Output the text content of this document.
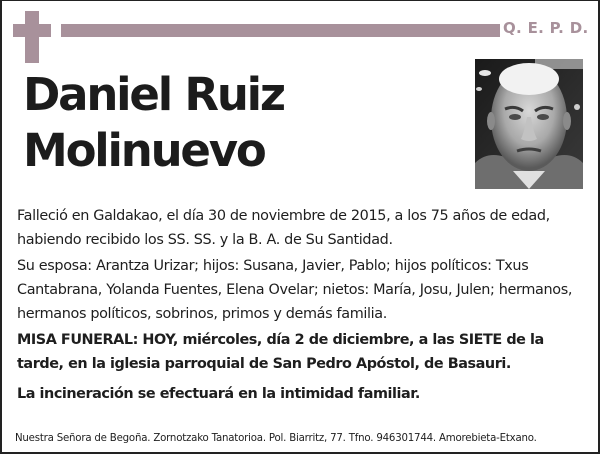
Q. E. P. D.
Daniel Ruiz
Molinuevo

Falleció en Galdakao, el día 30 de noviembre de 2015, a los 75 años de edad, habiendo recibido los SS. SS. y la B. A. de Su Santidad.

Su esposa: Arantza Urizar; hijos: Susana, Javier, Pablo; hijos políticos: Txus Cantabrana, Yolanda Fuentes, Elena Ovelar; nietos: María, Josu, Julen; hermanos, hermanos políticos, sobrinos, primos y demás familia.

MISA FUNERAL: HOY, miércoles, día 2 de diciembre, a las SIETE de la tarde, en la iglesia parroquial de San Pedro Apóstol, de Basauri.

La incineración se efectuará en la intimidad familiar.

Nuestra Señora de Begoña. Zornotzako Tanatorioa. Pol. Biarritz, 77. Tfno. 946301744. Amorebieta-Etxano.
